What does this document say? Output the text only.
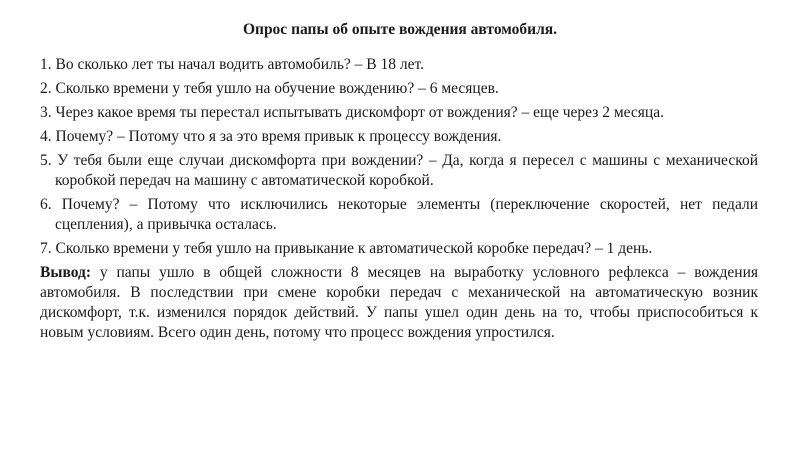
Опрос папы об опыте вождения автомобиля.
1. Во сколько лет ты начал водить автомобиль? – В 18 лет.
2. Сколько времени у тебя ушло на обучение вождению? – 6 месяцев.
3. Через какое время ты перестал испытывать дискомфорт от вождения? – еще через 2 месяца.
4. Почему? – Потому что я за это время привык к процессу вождения.
5. У тебя были еще случаи дискомфорта при вождении? – Да, когда я пересел с машины с механической коробкой передач на машину с автоматической коробкой.
6. Почему? – Потому что исключились некоторые элементы (переключение скоростей, нет педали сцепления), а привычка осталась.
7. Сколько времени у тебя ушло на привыкание к автоматической коробке передач? – 1 день.
Вывод: у папы ушло в общей сложности 8 месяцев на выработку условного рефлекса – вождения автомобиля. В последствии при смене коробки передач с механической на автоматическую возник дискомфорт, т.к. изменился порядок действий. У папы ушел один день на то, чтобы приспособиться к новым условиям. Всего один день, потому что процесс вождения упростился.
